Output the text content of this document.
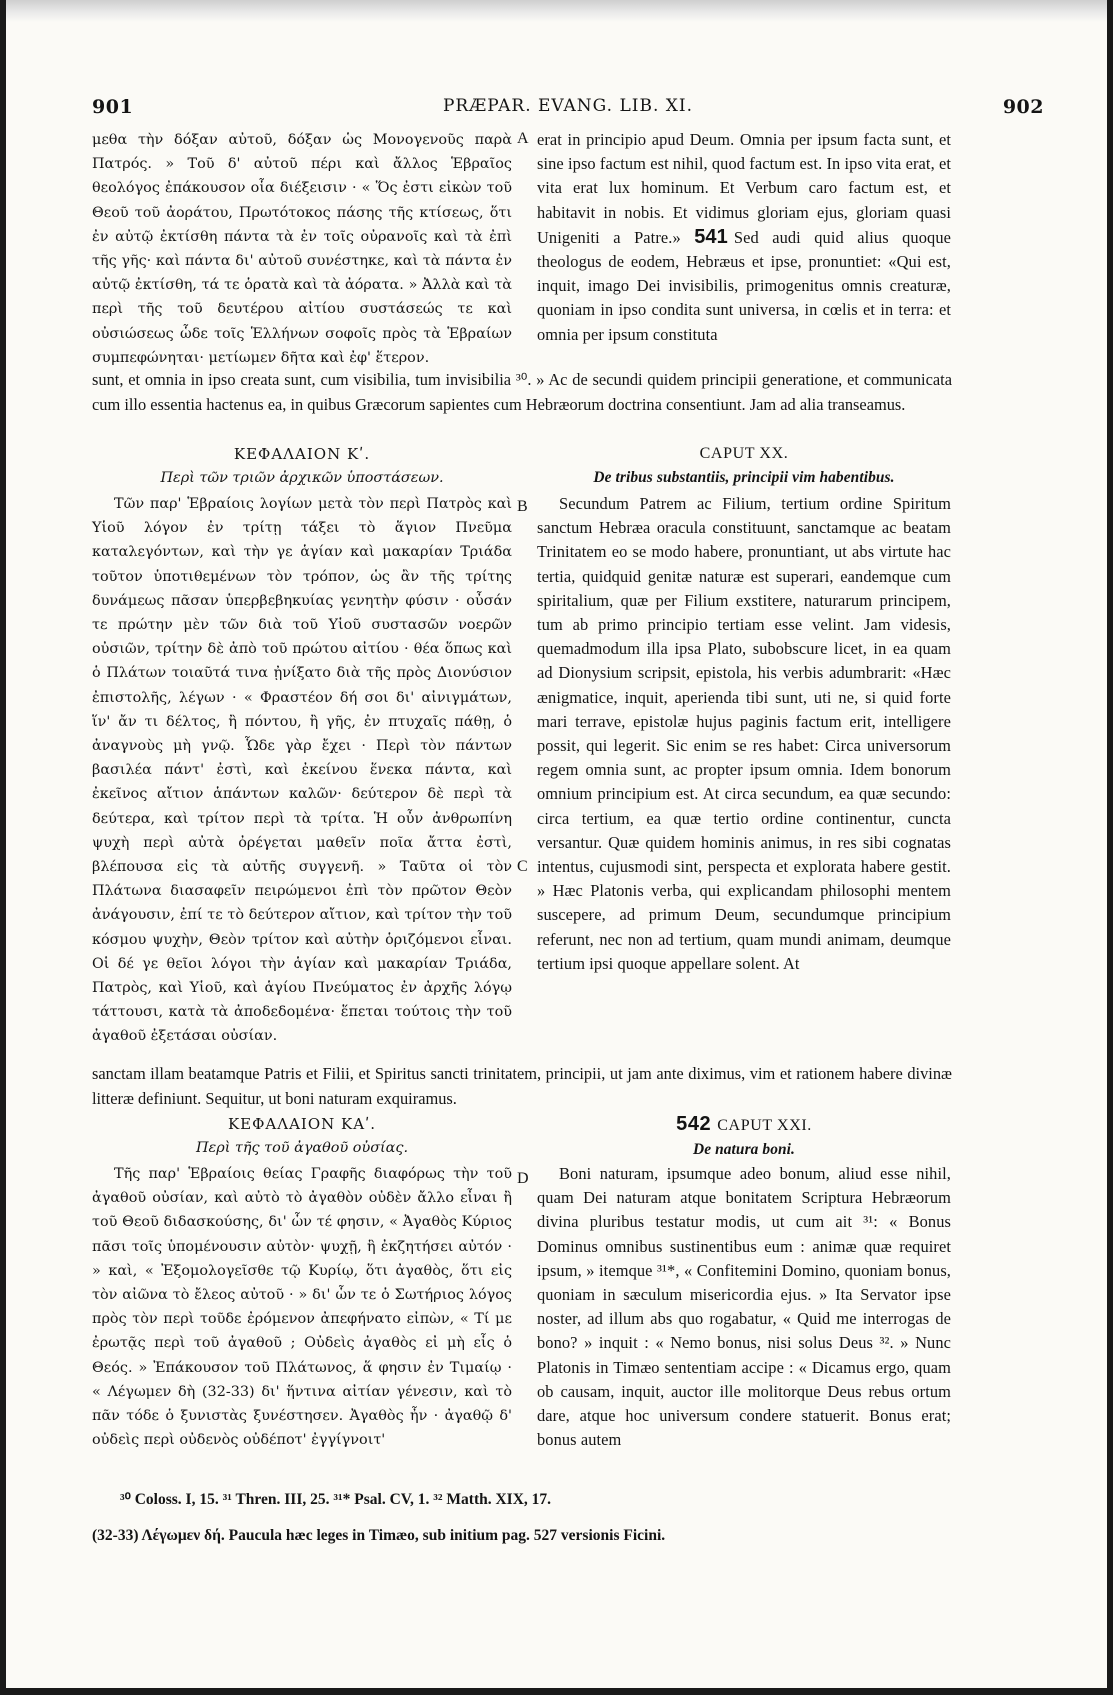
901	PRÆPAR. EVANG. LIB. XI.	902
A
B
C
D

μεθα τὴν δόξαν αὐτοῦ, δόξαν ὡς Μονογενοῦς παρὰ Πατρός. » Τοῦ δ' αὐτοῦ πέρι καὶ ἄλλος Ἑβραῖος θεολόγος ἐπάκουσον οἷα διέξεισιν · « Ὅς ἐστι εἰκὼν τοῦ Θεοῦ τοῦ ἀοράτου, Πρωτότοκος πάσης τῆς κτίσεως, ὅτι ἐν αὐτῷ ἐκτίσθη πάντα τὰ ἐν τοῖς οὐρανοῖς καὶ τὰ ἐπὶ τῆς γῆς· καὶ πάντα δι' αὐτοῦ συνέστηκε, καὶ τὰ πάντα ἐν αὐτῷ ἐκτίσθη, τά τε ὁρατὰ καὶ τὰ ἀόρατα. » Ἀλλὰ καὶ τὰ περὶ τῆς τοῦ δευτέρου αἰτίου συστάσεώς τε καὶ οὐσιώσεως ὧδε τοῖς Ἑλλήνων σοφοῖς πρὸς τὰ Ἑβραίων συμπεφώνηται· μετίωμεν δῆτα καὶ ἐφ' ἕτερον.

erat in principio apud Deum. Omnia per ipsum facta sunt, et sine ipso factum est nihil, quod factum est. In ipso vita erat, et vita erat lux hominum. Et Verbum caro factum est, et habitavit in nobis. Et vidimus gloriam ejus, gloriam quasi Unigeniti a Patre.» 541 Sed audi quid alius quoque theologus de eodem, Hebræus et ipse, pronuntiet: «Qui est, inquit, imago Dei invisibilis, primogenitus omnis creaturæ, quoniam in ipso condita sunt universa, in cœlis et in terra: et omnia per ipsum constituta

sunt, et omnia in ipso creata sunt, cum visibilia, tum invisibilia ³⁰. » Ac de secundi quidem principii generatione, et communicata cum illo essentia hactenus ea, in quibus Græcorum sapientes cum Hebræorum doctrina consentiunt. Jam ad alia transeamus.

ΚΕΦΑΛΑΙΟΝ Κʹ.
Περὶ τῶν τριῶν ἀρχικῶν ὑποστάσεων.
CAPUT XX.
De tribus substantiis, principii vim habentibus.

Τῶν παρ' Ἑβραίοις λογίων μετὰ τὸν περὶ Πατρὸς καὶ Υἱοῦ λόγον ἐν τρίτῃ τάξει τὸ ἅγιον Πνεῦμα καταλεγόντων, καὶ τὴν γε ἁγίαν καὶ μακαρίαν Τριάδα τοῦτον ὑποτιθεμένων τὸν τρόπον, ὡς ἂν τῆς τρίτης δυνάμεως πᾶσαν ὑπερβεβηκυίας γενητὴν φύσιν · οὖσάν τε πρώτην μὲν τῶν διὰ τοῦ Υἱοῦ συστασῶν νοερῶν οὐσιῶν, τρίτην δὲ ἀπὸ τοῦ πρώτου αἰτίου · θέα ὅπως καὶ ὁ Πλάτων τοιαῦτά τινα ᾐνίξατο διὰ τῆς πρὸς Διονύσιον ἐπιστολῆς, λέγων · « Φραστέον δή σοι δι' αἰνιγμάτων, ἵν' ἄν τι δέλτος, ἢ πόντου, ἢ γῆς, ἐν πτυχαῖς πάθῃ, ὁ ἀναγνοὺς μὴ γνῷ. Ὧδε γὰρ ἔχει · Περὶ τὸν πάντων βασιλέα πάντ' ἐστὶ, καὶ ἐκείνου ἕνεκα πάντα, καὶ ἐκεῖνος αἴτιον ἁπάντων καλῶν· δεύτερον δὲ περὶ τὰ δεύτερα, καὶ τρίτον περὶ τὰ τρίτα. Ἡ οὖν ἀνθρωπίνη ψυχὴ περὶ αὐτὰ ὀρέγεται μαθεῖν ποῖα ἄττα ἐστὶ, βλέπουσα εἰς τὰ αὐτῆς συγγενῆ. » Ταῦτα οἱ τὸν Πλάτωνα διασαφεῖν πειρώμενοι ἐπὶ τὸν πρῶτον Θεὸν ἀνάγουσιν, ἐπί τε τὸ δεύτερον αἴτιον, καὶ τρίτον τὴν τοῦ κόσμου ψυχὴν, Θεὸν τρίτον καὶ αὐτὴν ὁριζόμενοι εἶναι. Οἱ δέ γε θεῖοι λόγοι τὴν ἁγίαν καὶ μακαρίαν Τριάδα, Πατρὸς, καὶ Υἱοῦ, καὶ ἁγίου Πνεύματος ἐν ἀρχῆς λόγῳ τάττουσι, κατὰ τὰ ἀποδεδομένα· ἕπεται τούτοις τὴν τοῦ ἀγαθοῦ ἐξετάσαι οὐσίαν.

Secundum Patrem ac Filium, tertium ordine Spiritum sanctum Hebræa oracula constituunt, sanctamque ac beatam Trinitatem eo se modo habere, pronuntiant, ut abs virtute hac tertia, quidquid genitæ naturæ est superari, eandemque cum spiritalium, quæ per Filium exstitere, naturarum principem, tum ab primo principio tertiam esse velint. Jam videsis, quemadmodum illa ipsa Plato, subobscure licet, in ea quam ad Dionysium scripsit, epistola, his verbis adumbrarit: «Hæc ænigmatice, inquit, aperienda tibi sunt, uti ne, si quid forte mari terrave, epistolæ hujus paginis factum erit, intelligere possit, qui legerit. Sic enim se res habet: Circa universorum regem omnia sunt, ac propter ipsum omnia. Idem bonorum omnium principium est. At circa secundum, ea quæ secundo: circa tertium, ea quæ tertio ordine continentur, cuncta versantur. Quæ quidem hominis animus, in res sibi cognatas intentus, cujusmodi sint, perspecta et explorata habere gestit. » Hæc Platonis verba, qui explicandam philosophi mentem suscepere, ad primum Deum, secundumque principium referunt, nec non ad tertium, quam mundi animam, deumque tertium ipsi quoque appellare solent. At

sanctam illam beatamque Patris et Filii, et Spiritus sancti trinitatem, principii, ut jam ante diximus, vim et rationem habere divinæ litteræ definiunt. Sequitur, ut boni naturam exquiramus.

ΚΕΦΑΛΑΙΟΝ ΚΑʹ.
Περὶ τῆς τοῦ ἀγαθοῦ οὐσίας.
542 CAPUT XXI.
De natura boni.

Τῆς παρ' Ἑβραίοις θείας Γραφῆς διαφόρως τὴν τοῦ ἀγαθοῦ οὐσίαν, καὶ αὐτὸ τὸ ἀγαθὸν οὐδὲν ἄλλο εἶναι ἢ τοῦ Θεοῦ διδασκούσης, δι' ὧν τέ φησιν, « Ἀγαθὸς Κύριος πᾶσι τοῖς ὑπομένουσιν αὐτὸν· ψυχῇ, ἣ ἐκζητήσει αὐτόν · » καὶ, « Ἐξομολογεῖσθε τῷ Κυρίῳ, ὅτι ἀγαθὸς, ὅτι εἰς τὸν αἰῶνα τὸ ἔλεος αὐτοῦ · » δι' ὧν τε ὁ Σωτήριος λόγος πρὸς τὸν περὶ τοῦδε ἐρόμενον ἀπεφήνατο εἰπὼν, « Τί με ἐρωτᾷς περὶ τοῦ ἀγαθοῦ ; Οὐδεὶς ἀγαθὸς εἰ μὴ εἷς ὁ Θεός. » Ἐπάκουσον τοῦ Πλάτωνος, ἅ φησιν ἐν Τιμαίῳ · « Λέγωμεν δὴ (32-33) δι' ἥντινα αἰτίαν γένεσιν, καὶ τὸ πᾶν τόδε ὁ ξυνιστὰς ξυνέστησεν. Ἀγαθὸς ἦν · ἀγαθῷ δ' οὐδεὶς περὶ οὐδενὸς οὐδέποτ' ἐγγίγνοιτ'

Boni naturam, ipsumque adeo bonum, aliud esse nihil, quam Dei naturam atque bonitatem Scriptura Hebræorum divina pluribus testatur modis, ut cum ait ³¹: « Bonus Dominus omnibus sustinentibus eum : animæ quæ requiret ipsum, » itemque ³¹*, « Confitemini Domino, quoniam bonus, quoniam in sæculum misericordia ejus. » Ita Servator ipse noster, ad illum abs quo rogabatur, « Quid me interrogas de bono? » inquit : « Nemo bonus, nisi solus Deus ³². » Nunc Platonis in Timæo sententiam accipe : « Dicamus ergo, quam ob causam, inquit, auctor ille molitorque Deus rebus ortum dare, atque hoc universum condere statuerit. Bonus erat; bonus autem

³⁰ Coloss. I, 15. ³¹ Thren. III, 25. ³¹* Psal. CV, 1. ³² Matth. XIX, 17.
(32-33) Λέγωμεν δή. Paucula hæc leges in Timæo, sub initium pag. 527 versionis Ficini.
